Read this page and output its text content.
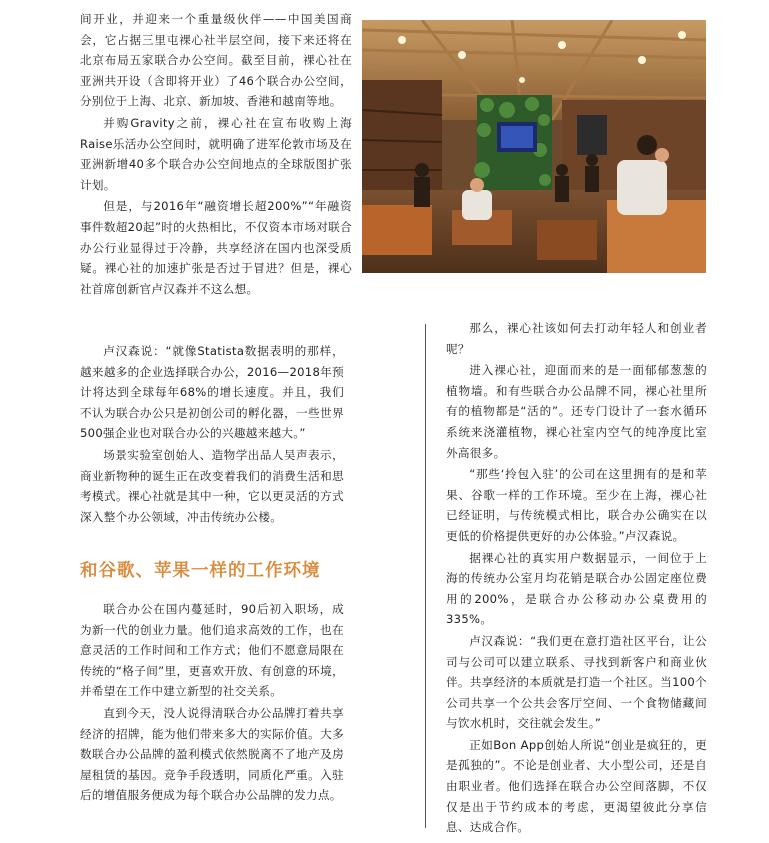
间开业，并迎来一个重量级伙伴——中国美国商会，它占据三里屯裸心社半层空间，接下来还将在北京布局五家联合办公空间。截至目前，裸心社在亚洲共开设（含即将开业）了46个联合办公空间，分别位于上海、北京、新加坡、香港和越南等地。

并购Gravity之前，裸心社在宣布收购上海Raise乐活办公空间时，就明确了进军伦敦市场及在亚洲新增40多个联合办公空间地点的全球版图扩张计划。

但是，与2016年“融资增长超200%”“年融资事件数超20起”时的火热相比，不仅资本市场对联合办公行业显得过于冷静，共享经济在国内也深受质疑。裸心社的加速扩张是否过于冒进？但是，裸心社首席创新官卢汉森并不这么想。

卢汉森说：“就像Statista数据表明的那样，越来越多的企业选择联合办公，2016—2018年预计将达到全球每年68%的增长速度。并且，我们不认为联合办公只是初创公司的孵化器，一些世界500强企业也对联合办公的兴趣越来越大。”

场景实验室创始人、造物学出品人吴声表示，商业新物种的诞生正在改变着我们的消费生活和思考模式。裸心社就是其中一种，它以更灵活的方式深入整个办公领域，冲击传统办公楼。

和谷歌、苹果一样的工作环境

联合办公在国内蔓延时，90后初入职场，成为新一代的创业力量。他们追求高效的工作，也在意灵活的工作时间和工作方式；他们不愿意局限在传统的“格子间”里，更喜欢开放、有创意的环境，并希望在工作中建立新型的社交关系。

直到今天，没人说得清联合办公品牌打着共享经济的招牌，能为他们带来多大的实际价值。大多数联合办公品牌的盈利模式依然脱离不了地产及房屋租赁的基因。竞争手段透明，同质化严重。入驻后的增值服务便成为每个联合办公品牌的发力点。

那么，裸心社该如何去打动年轻人和创业者呢？

进入裸心社，迎面而来的是一面郁郁葱葱的植物墙。和有些联合办公品牌不同，裸心社里所有的植物都是“活的”。还专门设计了一套水循环系统来浇灌植物，裸心社室内空气的纯净度比室外高很多。

“那些‘拎包入驻’的公司在这里拥有的是和苹果、谷歌一样的工作环境。至少在上海，裸心社已经证明，与传统模式相比，联合办公确实在以更低的价格提供更好的办公体验。”卢汉森说。

据裸心社的真实用户数据显示，一间位于上海的传统办公室月均花销是联合办公固定座位费用的200%，是联合办公移动办公桌费用的335%。

卢汉森说：“我们更在意打造社区平台，让公司与公司可以建立联系、寻找到新客户和商业伙伴。共享经济的本质就是打造一个社区。当100个公司共享一个公共会客厅空间、一个食物储藏间与饮水机时，交往就会发生。”

正如Bon App创始人所说“创业是疯狂的，更是孤独的”。不论是创业者、大小型公司，还是自由职业者。他们选择在联合办公空间落脚，不仅仅是出于节约成本的考虑，更渴望彼此分享信息、达成合作。
